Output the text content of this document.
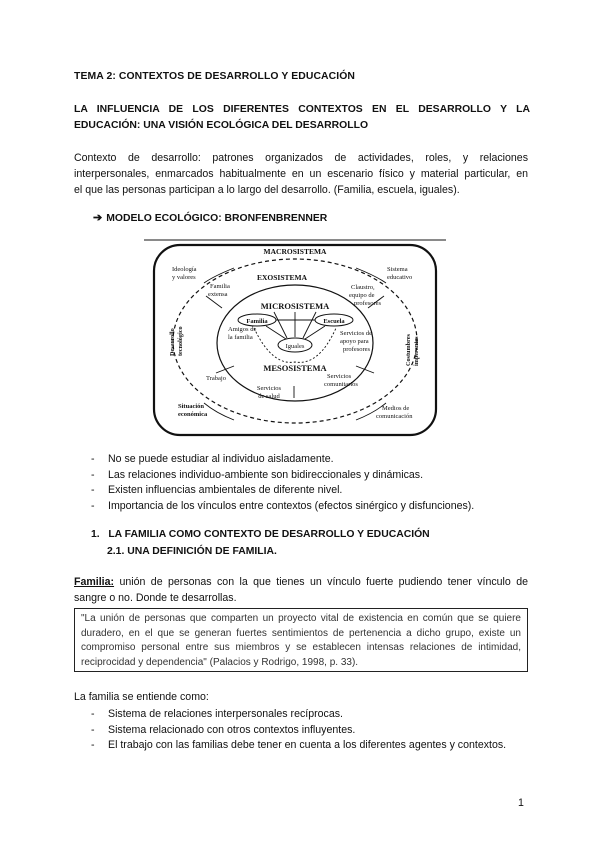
TEMA 2: CONTEXTOS DE DESARROLLO Y EDUCACIÓN
LA INFLUENCIA DE LOS DIFERENTES CONTEXTOS EN EL DESARROLLO Y LA
EDUCACIÓN: UNA VISIÓN ECOLÓGICA DEL DESARROLLO
Contexto de desarrollo: patrones organizados de actividades, roles, y relaciones
interpersonales, enmarcados habitualmente en un escenario físico y material particular, en
el que las personas participan a lo largo del desarrollo. (Familia, escuela, iguales).
➔ MODELO ECOLÓGICO: BRONFENBRENNER
MACROSISTEMA
EXOSISTEMA
MICROSISTEMA
Familia	Escuela
Iguales
MESOSISTEMA
Ideología y valores
Sistema educativo
Familia extensa
Claustro, equipo de profesores
Amigos de la familia
Servicios de apoyo para profesores
Trabajo
Servicios de salud
Servicios comunitarios
Desarrollotecnológico	Costumbresimperantes
Situación económica
Medios de comunicación
- No se puede estudiar al individuo aisladamente.
- Las relaciones individuo-ambiente son bidireccionales y dinámicas.
- Existen influencias ambientales de diferente nivel.
- Importancia de los vínculos entre contextos (efectos sinérgico y disfunciones).
1.   LA FAMILIA COMO CONTEXTO DE DESARROLLO Y EDUCACIÓN
2.1. UNA DEFINICIÓN DE FAMILIA.
Familia: unión de personas con la que tienes un vínculo fuerte pudiendo tener vínculo de
sangre o no. Donde te desarrollas.
"La unión de personas que comparten un proyecto vital de existencia en común que se quiere
duradero, en el que se generan fuertes sentimientos de pertenencia a dicho grupo, existe un
compromiso personal entre sus miembros y se establecen intensas relaciones de intimidad,
reciprocidad y dependencia" (Palacios y Rodrigo, 1998, p. 33).
La familia se entiende como:
- Sistema de relaciones interpersonales recíprocas.
- Sistema relacionado con otros contextos influyentes.
- El trabajo con las familias debe tener en cuenta a los diferentes agentes y contextos.
1
